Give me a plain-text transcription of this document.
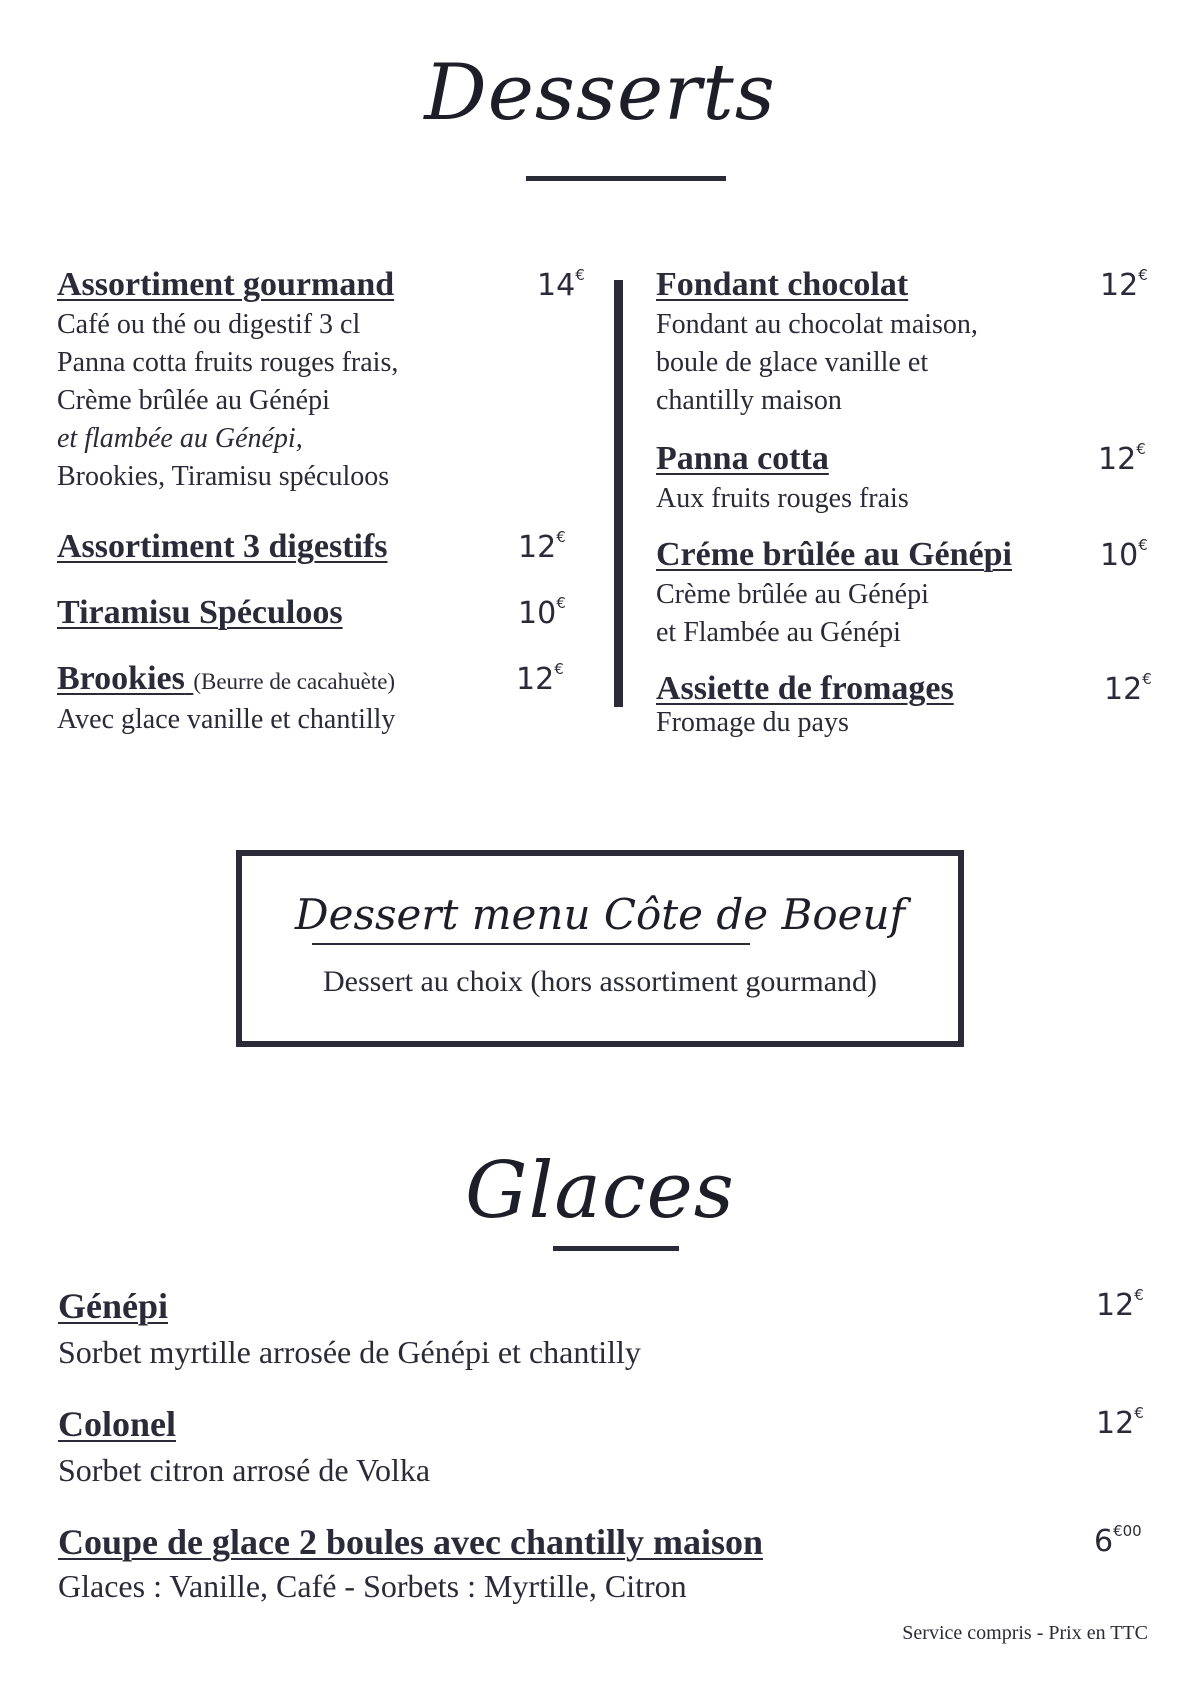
Desserts
Assortiment gourmand
Café ou thé ou digestif 3 cl
Panna cotta fruits rouges frais,
Crème brûlée au Génépi
et flambée au Génépi,
Brookies, Tiramisu spéculoos
14€
Assortiment 3 digestifs	12€
Tiramisu Spéculoos	10€
Brookies (Beurre de cacahuète)
Avec glace vanille et chantilly
12€
Fondant chocolat
Fondant au chocolat maison,
boule de glace vanille et
chantilly maison
12€
Panna cotta
Aux fruits rouges frais
12€
Créme brûlée au Génépi
Crème brûlée au Génépi
et Flambée au Génépi
10€
Assiette de fromages
Fromage du pays
12€
Dessert menu Côte de Boeuf
Dessert au choix (hors assortiment gourmand)
Glaces
Génépi
Sorbet myrtille arrosée de Génépi et chantilly
12€
Colonel
Sorbet citron arrosé de Volka
12€
Coupe de glace 2 boules avec chantilly maison
Glaces : Vanille, Café - Sorbets : Myrtille, Citron
$6^{€00}$
Service compris - Prix en TTC
